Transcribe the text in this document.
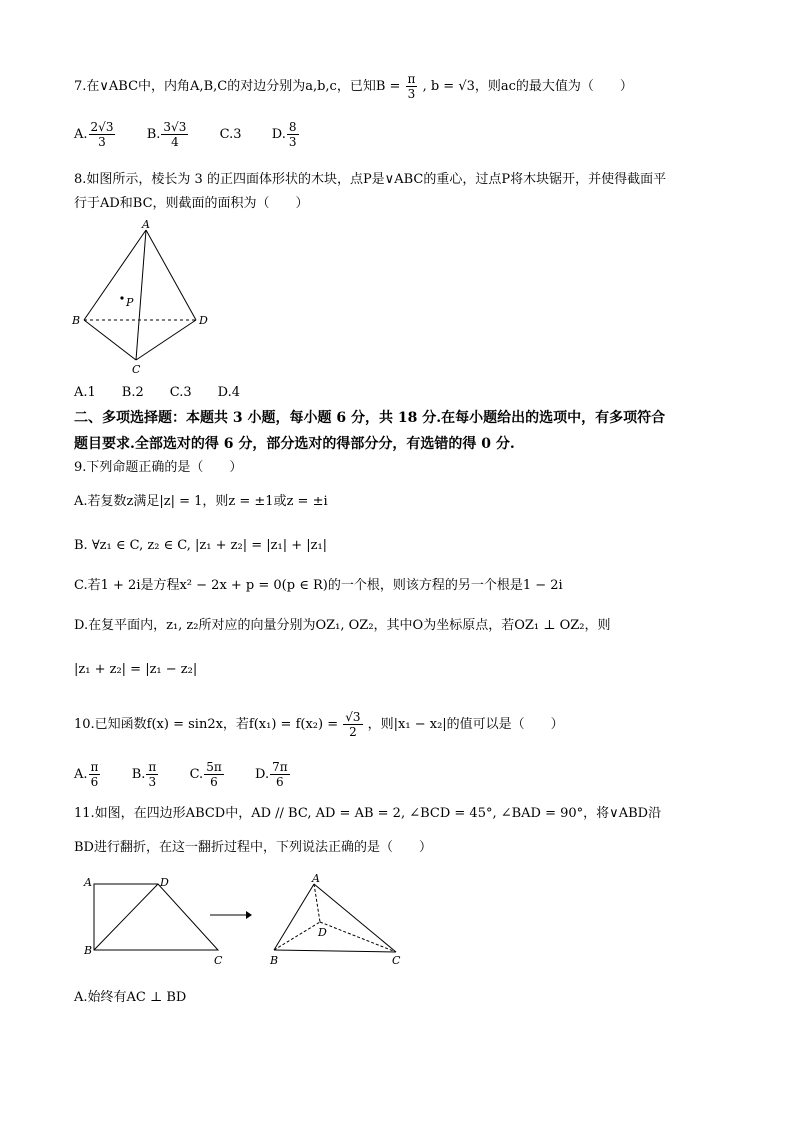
7.在∨ABC中，内角A,B,C的对边分别为a,b,c，已知$B = \frac{\pi}{3}$ , b = √3，则ac的最大值为（　　）
A. $\frac{2√3}{3} B$. $\frac{3√3}{4} C.3$ D. $\frac{8}{3}$
8.如图所示，棱长为 3 的正四面体形状的木块，点P是∨ABC的重心，过点P将木块锯开，并使得截面平
行于AD和BC，则截面的面积为（　　）
A
B	D
C
P
A.1　　B.2　　C.3　　D.4
二、多项选择题：本题共 3 小题，每小题 6 分，共 18 分.在每小题给出的选项中，有多项符合
题目要求.全部选对的得 6 分，部分选对的得部分分，有选错的得 0 分.
9.下列命题正确的是（　　）
A.若复数z满足|z| = 1，则z = ±1或z = ±i
B. ∀z₁ ∈ C, z₂ ∈ C, |z₁ + z₂| = |z₁| + |z₁|
C.若1 + 2i是方程x² − 2x + p = 0(p ∈ R)的一个根，则该方程的另一个根是1 − 2i
D.在复平面内，z₁, z₂所对应的向量分别为OZ₁, OZ₂，其中O为坐标原点，若OZ₁ ⊥ OZ₂，则
|z₁ + z₂| = |z₁ − z₂|
10.已知函数f(x) = sin2x，若$f(x_1) = f(x_2) = \frac{√3}{2}$ ，则|x₁ − x₂|的值可以是（　　）
A. $\frac{\pi}{6} B$. $\frac{\pi}{3} C$. $\frac{5\pi}{6} D$. $\frac{7\pi}{6}$
11.如图，在四边形ABCD中，AD // BC, AD = AB = 2, ∠BCD = 45°, ∠BAD = 90°，将∨ABD沿
BD进行翻折，在这一翻折过程中，下列说法正确的是（　　）
A	D
B
C
A
D
B	C
A.始终有AC ⊥ BD
